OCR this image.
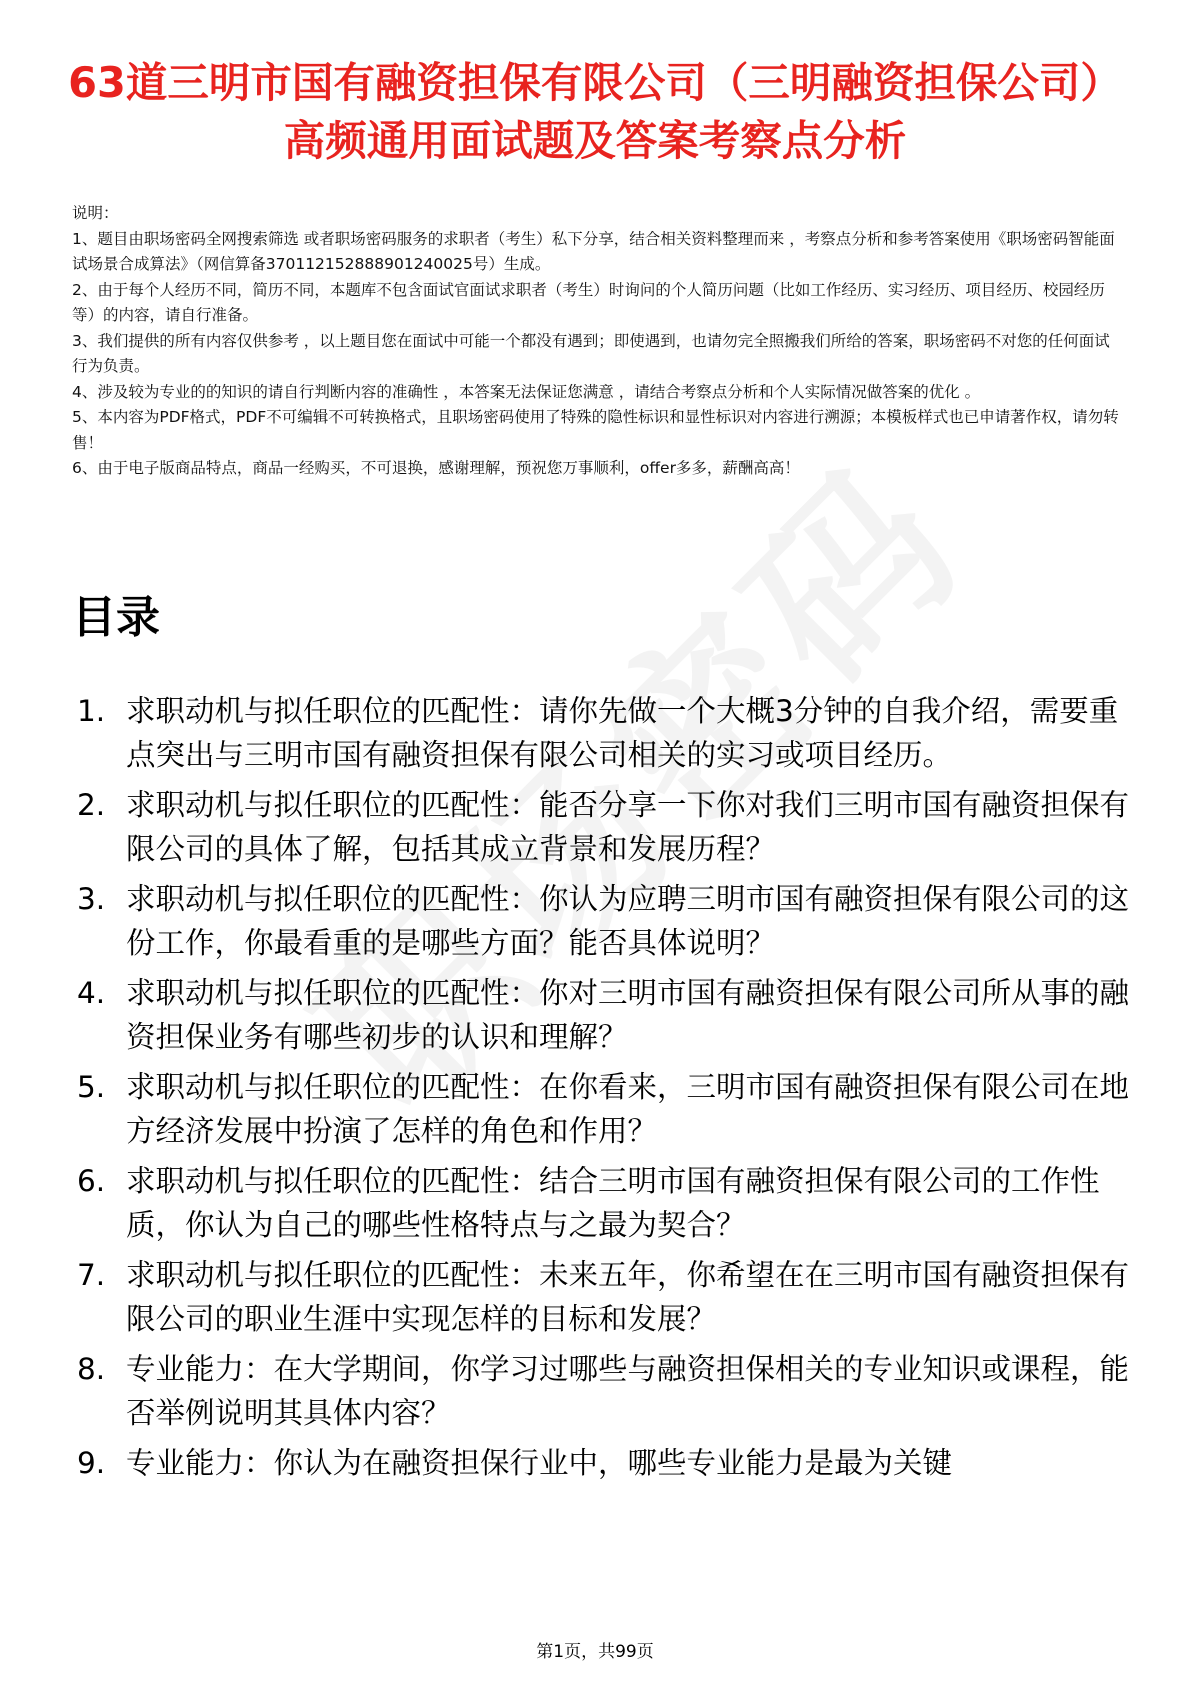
63道三明市国有融资担保有限公司（三明融资担保公司）高频通用面试题及答案考察点分析
说明：
1、题目由职场密码全网搜索筛选 或者职场密码服务的求职者（考生）私下分享，结合相关资料整理而来 ，考察点分析和参考答案使用《职场密码智能面试场景合成算法》（网信算备370112152888901240025号）生成。
2、由于每个人经历不同，简历不同，本题库不包含面试官面试求职者（考生）时询问的个人简历问题（比如工作经历、实习经历、项目经历、校园经历等）的内容，请自行准备。
3、我们提供的所有内容仅供参考 ，以上题目您在面试中可能一个都没有遇到；即使遇到，也请勿完全照搬我们所给的答案，职场密码不对您的任何面试行为负责。
4、涉及较为专业的的知识的请自行判断内容的准确性 ，本答案无法保证您满意 ，请结合考察点分析和个人实际情况做答案的优化 。
5、本内容为PDF格式，PDF不可编辑不可转换格式，且职场密码使用了特殊的隐性标识和显性标识对内容进行溯源；本模板样式也已申请著作权，请勿转售！
6、由于电子版商品特点，商品一经购买，不可退换，感谢理解，预祝您万事顺利，offer多多，薪酬高高！
目录
1. 求职动机与拟任职位的匹配性：请你先做一个大概3分钟的自我介绍，需要重点突出与三明市国有融资担保有限公司相关的实习或项目经历。
2. 求职动机与拟任职位的匹配性：能否分享一下你对我们三明市国有融资担保有限公司的具体了解，包括其成立背景和发展历程？
3. 求职动机与拟任职位的匹配性：你认为应聘三明市国有融资担保有限公司的这份工作，你最看重的是哪些方面？能否具体说明？
4. 求职动机与拟任职位的匹配性：你对三明市国有融资担保有限公司所从事的融资担保业务有哪些初步的认识和理解？
5. 求职动机与拟任职位的匹配性：在你看来，三明市国有融资担保有限公司在地方经济发展中扮演了怎样的角色和作用？
6. 求职动机与拟任职位的匹配性：结合三明市国有融资担保有限公司的工作性质，你认为自己的哪些性格特点与之最为契合？
7. 求职动机与拟任职位的匹配性：未来五年，你希望在在三明市国有融资担保有限公司的职业生涯中实现怎样的目标和发展？
8. 专业能力：在大学期间，你学习过哪些与融资担保相关的专业知识或课程，能否举例说明其具体内容？
9. 专业能力：你认为在融资担保行业中，哪些专业能力是最为关键
第1页，共99页
